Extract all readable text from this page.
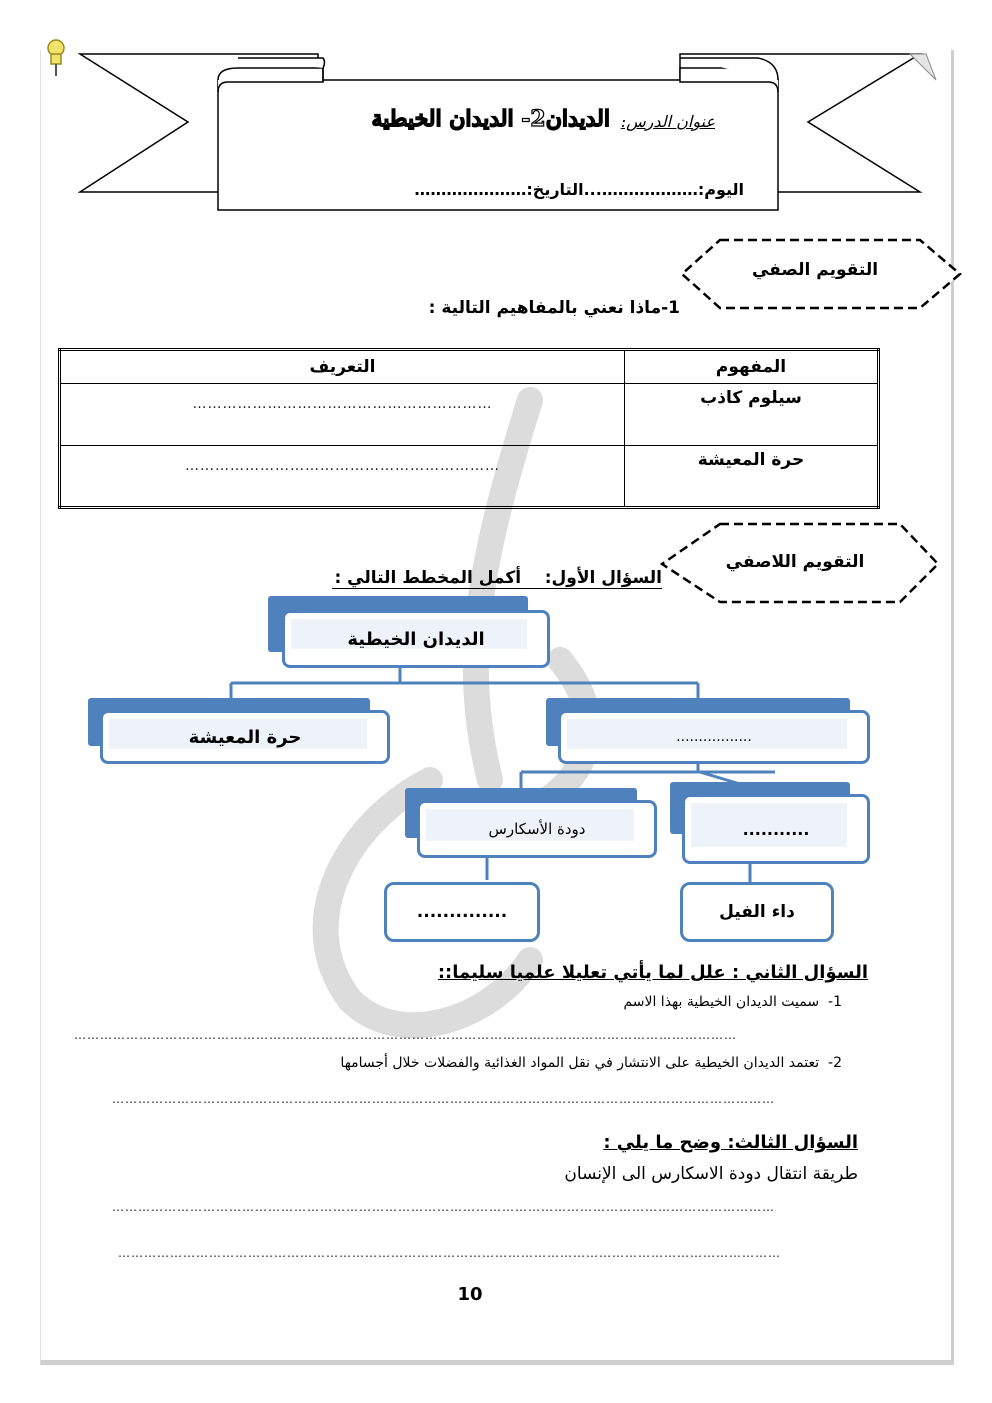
عنوان الدرس:
الديدان2- الديدان الخيطية
اليوم:………………...التاريخ:…………………
التقويم الصفي
1-ماذا نعني بالمفاهيم التالية :
المفهوم	التعريف
سيلوم كاذب	……………………………………………………
حرة المعيشة	………………………………………………………
التقويم اللاصفي
السؤال الأول:    أكمل المخطط التالي :
الديدان الخيطية
حرة المعيشة	.................
دودة الأسكارس	...........
..............	داء الفيل
السؤال الثاني : علل لما يأتي تعليلا علميا سليما::
1-  سميت الديدان الخيطية بهذا الاسم
………………………………………………………………………………………………………………………………………
2-  تعتمد الديدان الخيطية على الانتشار في نقل المواد الغذائية والفضلات خلال أجسامها
………………………………………………………………………………………………………………………………………
السؤال الثالث: وضح ما يلي :
طريقة انتقال دودة الاسكارس الى الإنسان
………………………………………………………………………………………………………………………………………
………………………………………………………………………………………………………………………………………
10
